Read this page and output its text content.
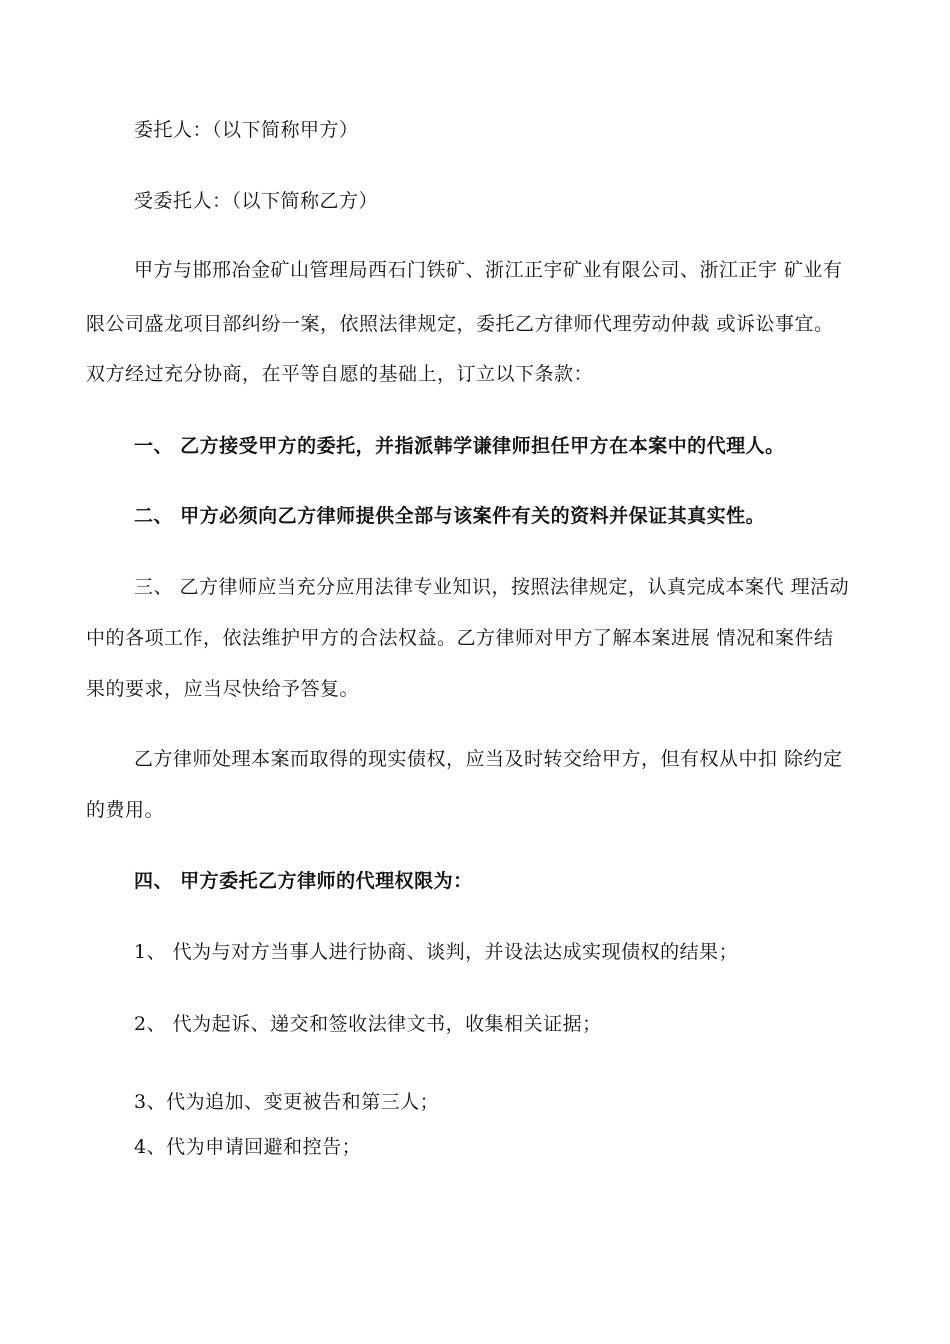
委托人：（以下简称甲方）
受委托人：（以下简称乙方）
甲方与邯邢冶金矿山管理局西石门铁矿、浙江正宇矿业有限公司、浙江正宇 矿业有
限公司盛龙项目部纠纷一案，依照法律规定，委托乙方律师代理劳动仲裁 或诉讼事宜。
双方经过充分协商，在平等自愿的基础上，订立以下条款：
一、 乙方接受甲方的委托，并指派韩学谦律师担任甲方在本案中的代理人。
二、 甲方必须向乙方律师提供全部与该案件有关的资料并保证其真实性。
三、 乙方律师应当充分应用法律专业知识，按照法律规定，认真完成本案代 理活动
中的各项工作，依法维护甲方的合法权益。乙方律师对甲方了解本案进展 情况和案件结
果的要求，应当尽快给予答复。
乙方律师处理本案而取得的现实债权，应当及时转交给甲方，但有权从中扣 除约定
的费用。
四、 甲方委托乙方律师的代理权限为：
1、 代为与对方当事人进行协商、谈判，并设法达成实现债权的结果；
2、 代为起诉、递交和签收法律文书，收集相关证据；
3、代为追加、变更被告和第三人；
4、代为申请回避和控告；
